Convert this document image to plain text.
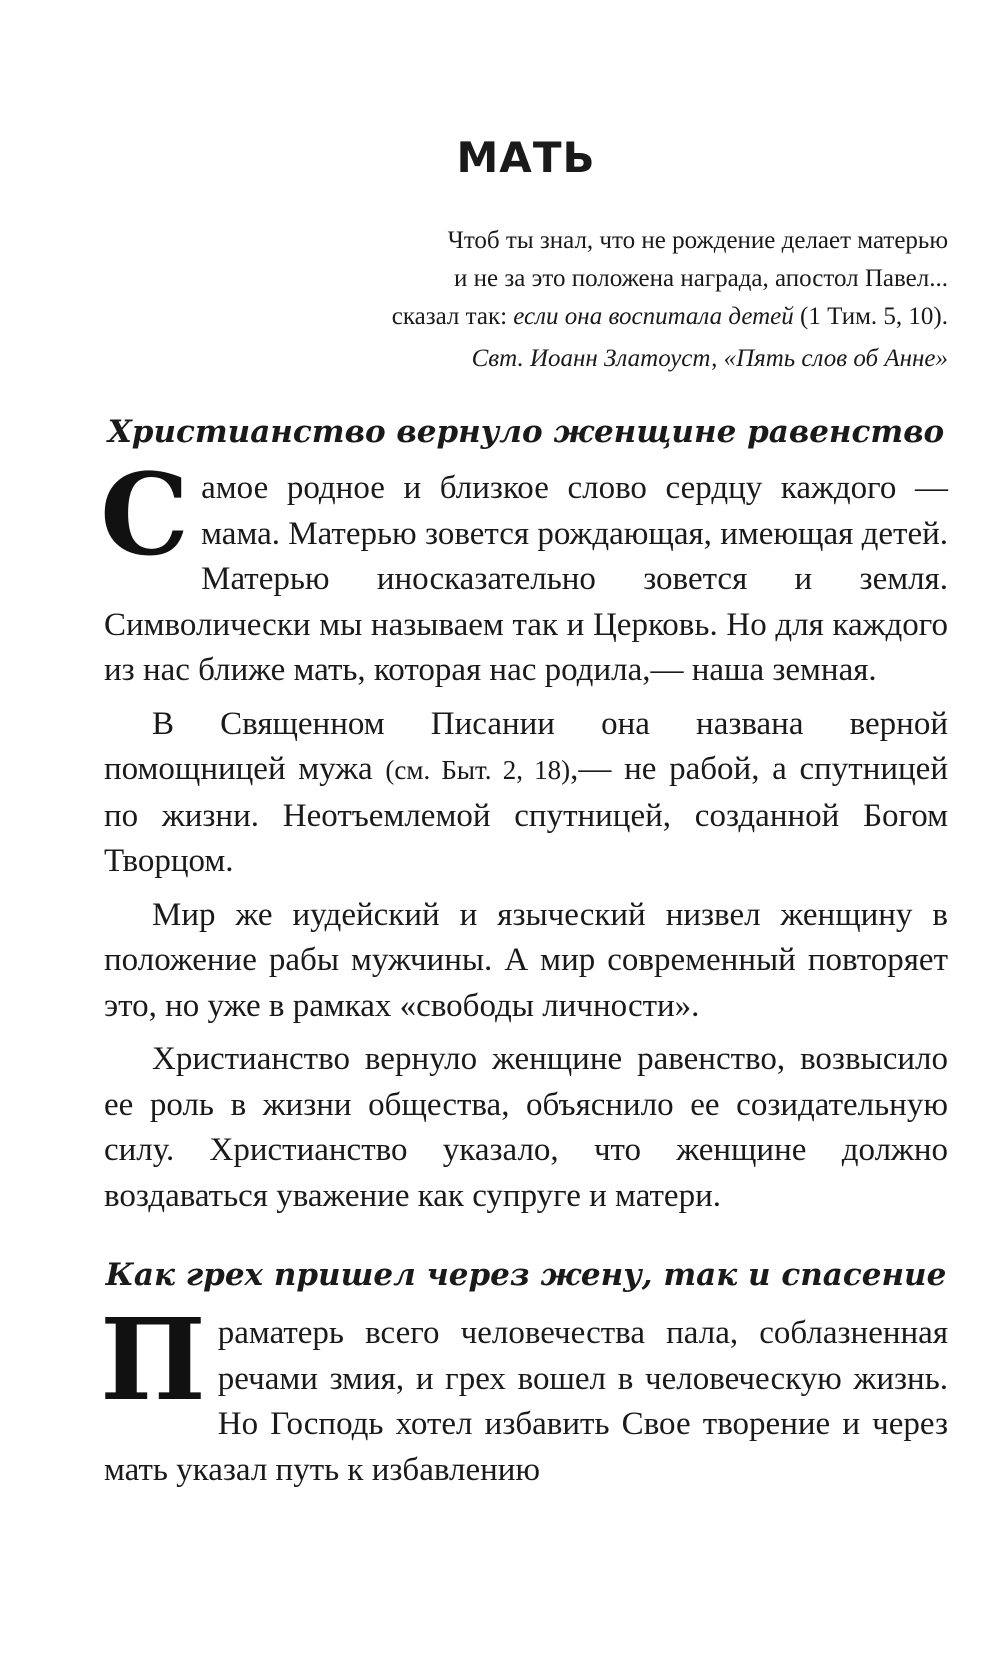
МАТЬ
Чтоб ты знал, что не рождение делает матерью
и не за это положена награда, апостол Павел...
сказал так: если она воспитала детей (1 Тим. 5, 10).
Свт. Иоанн Златоуст, «Пять слов об Анне»
Христианство вернуло женщине равенство

Самое родное и близкое слово сердцу каждого — мама. Матерью зовется рождающая, имеющая детей. Матерью иносказательно зовется и земля. Символически мы называем так и Церковь. Но для каждого из нас ближе мать, которая нас родила,— наша земная.

В Священном Писании она названа верной помощницей мужа (см. Быт. 2, 18),— не рабой, а спутницей по жизни. Неотъемлемой спутницей, созданной Богом Творцом.

Мир же иудейский и языческий низвел женщину в положение рабы мужчины. А мир современный повторяет это, но уже в рамках «свободы личности».

Христианство вернуло женщине равенство, возвысило ее роль в жизни общества, объяснило ее созидательную силу. Христианство указало, что женщине должно воздаваться уважение как супруге и матери.

Как грех пришел через жену, так и спасение

Праматерь всего человечества пала, соблазненная речами змия, и грех вошел в человеческую жизнь. Но Господь хотел избавить Свое творение и через мать указал путь к избавлению
